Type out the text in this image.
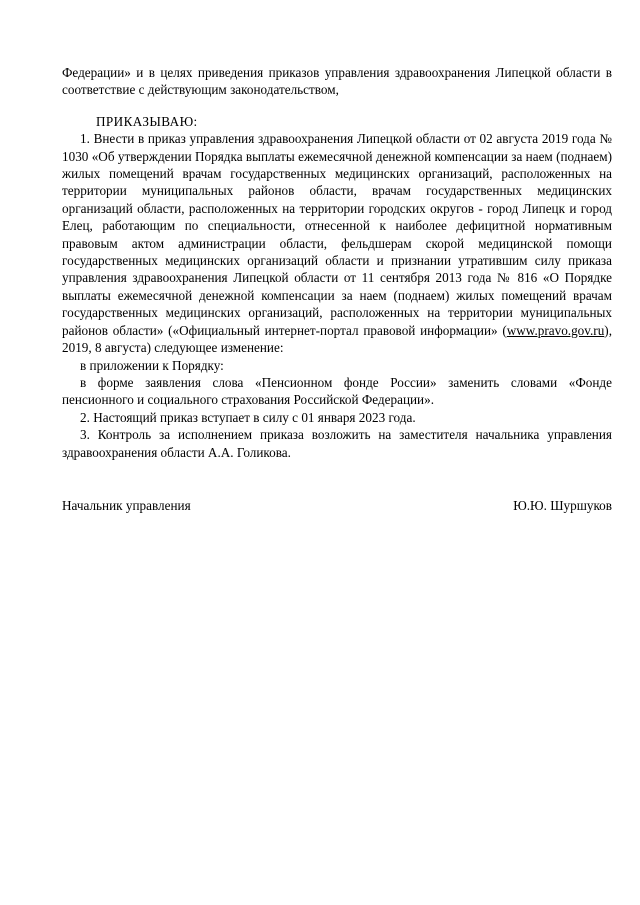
Федерации» и в целях приведения приказов управления здравоохранения Липецкой области в соответствие с действующим законодательством,

ПРИКАЗЫВАЮ:

1. Внести в приказ управления здравоохранения Липецкой области от 02 августа 2019 года № 1030 «Об утверждении Порядка выплаты ежемесячной денежной компенсации за наем (поднаем) жилых помещений врачам государственных медицинских организаций, расположенных на территории муниципальных районов области, врачам государственных медицинских организаций области, расположенных на территории городских округов - город Липецк и город Елец, работающим по специальности, отнесенной к наиболее дефицитной нормативным правовым актом администрации области, фельдшерам скорой медицинской помощи государственных медицинских организаций области и признании утратившим силу приказа управления здравоохранения Липецкой области от 11 сентября 2013 года № 816 «О Порядке выплаты ежемесячной денежной компенсации за наем (поднаем) жилых помещений врачам государственных медицинских организаций, расположенных на территории муниципальных районов области» («Официальный интернет-портал правовой информации» (www.pravo.gov.ru), 2019, 8 августа) следующее изменение:

в приложении к Порядку:

в форме заявления слова «Пенсионном фонде России» заменить словами «Фонде пенсионного и социального страхования Российской Федерации».

2. Настоящий приказ вступает в силу с 01 января 2023 года.

3. Контроль за исполнением приказа возложить на заместителя начальника управления здравоохранения области А.А. Голикова.

Начальник управления	Ю.Ю. Шуршуков
